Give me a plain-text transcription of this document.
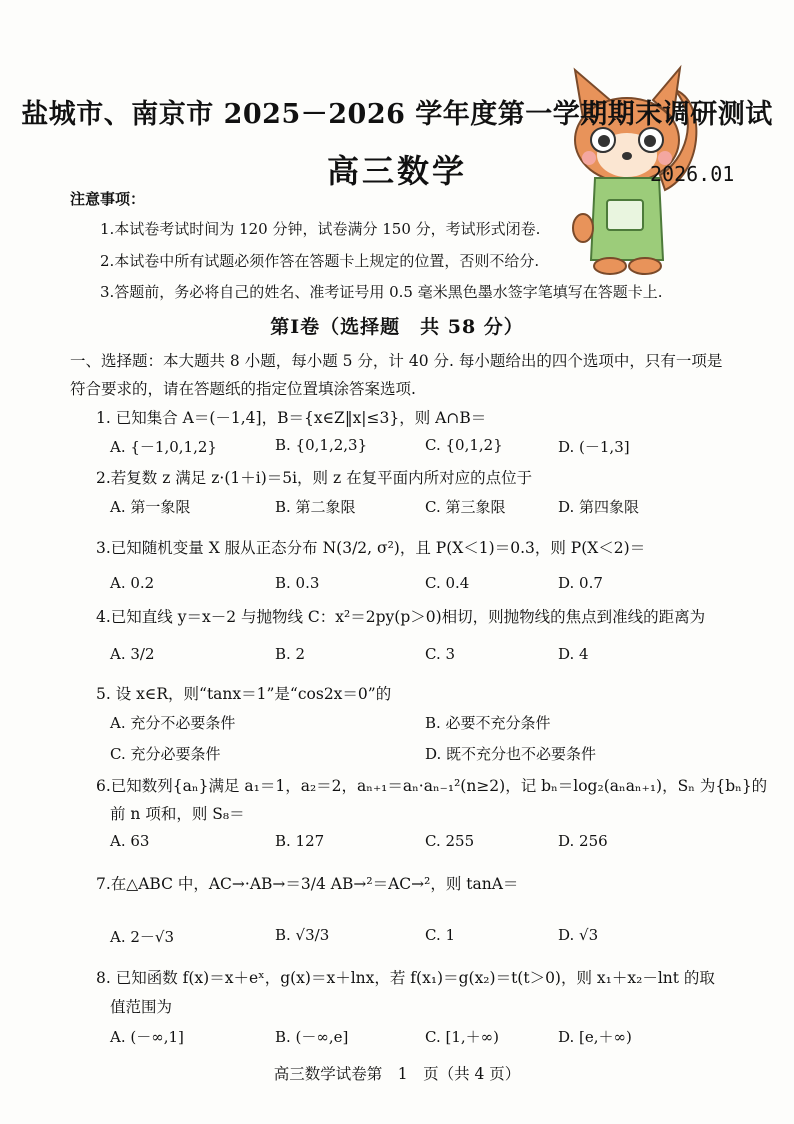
盐城市、南京市 2025－2026 学年度第一学期期末调研测试
高三数学	2026.01
注意事项：
1.本试卷考试时间为 120 分钟，试卷满分 150 分，考试形式闭卷.
2.本试卷中所有试题必须作答在答题卡上规定的位置，否则不给分.
3.答题前，务必将自己的姓名、准考证号用 0.5 毫米黑色墨水签字笔填写在答题卡上.
第Ⅰ卷（选择题　共 58 分）
一、选择题：本大题共 8 小题，每小题 5 分，计 40 分. 每小题给出的四个选项中，只有一项是符合要求的，请在答题纸的指定位置填涂答案选项.
1. 已知集合 A＝(－1,4]，B＝{x∈Z‖x|≤3}，则 A∩B＝
A. {－1,0,1,2}	B. {0,1,2,3}	C. {0,1,2}	D. (－1,3]
2.若复数 z 满足 z·(1＋i)＝5i，则 z 在复平面内所对应的点位于
A. 第一象限	B. 第二象限	C. 第三象限	D. 第四象限
3.已知随机变量 X 服从正态分布 N(3/2, σ²)，且 P(X＜1)＝0.3，则 P(X＜2)＝
A. 0.2	B. 0.3	C. 0.4	D. 0.7
4.已知直线 y＝x－2 与抛物线 C：x²＝2py(p＞0)相切，则抛物线的焦点到准线的距离为
A. 3/2	B. 2	C. 3	D. 4
5. 设 x∈R，则“tanx＝1”是“cos2x＝0”的
A. 充分不必要条件	B. 必要不充分条件
C. 充分必要条件	D. 既不充分也不必要条件
6.已知数列{aₙ}满足 a₁＝1，a₂＝2，aₙ₊₁＝aₙ·aₙ₋₁²(n≥2)，记 bₙ＝log₂(aₙaₙ₊₁)，Sₙ 为{bₙ}的
前 n 项和，则 S₈＝
A. 63	B. 127	C. 255	D. 256
7.在△ABC 中，AC→·AB→＝3/4 AB→²＝AC→²，则 tanA＝
A. 2－√3	B. √3/3	C. 1	D. √3
8. 已知函数 f(x)＝x＋eˣ，g(x)＝x＋lnx，若 f(x₁)＝g(x₂)＝t(t＞0)，则 x₁＋x₂－lnt 的取
值范围为
A. (－∞,1]	B. (－∞,e]	C. [1,＋∞)	D. [e,＋∞)
高三数学试卷第　1　页（共 4 页）
